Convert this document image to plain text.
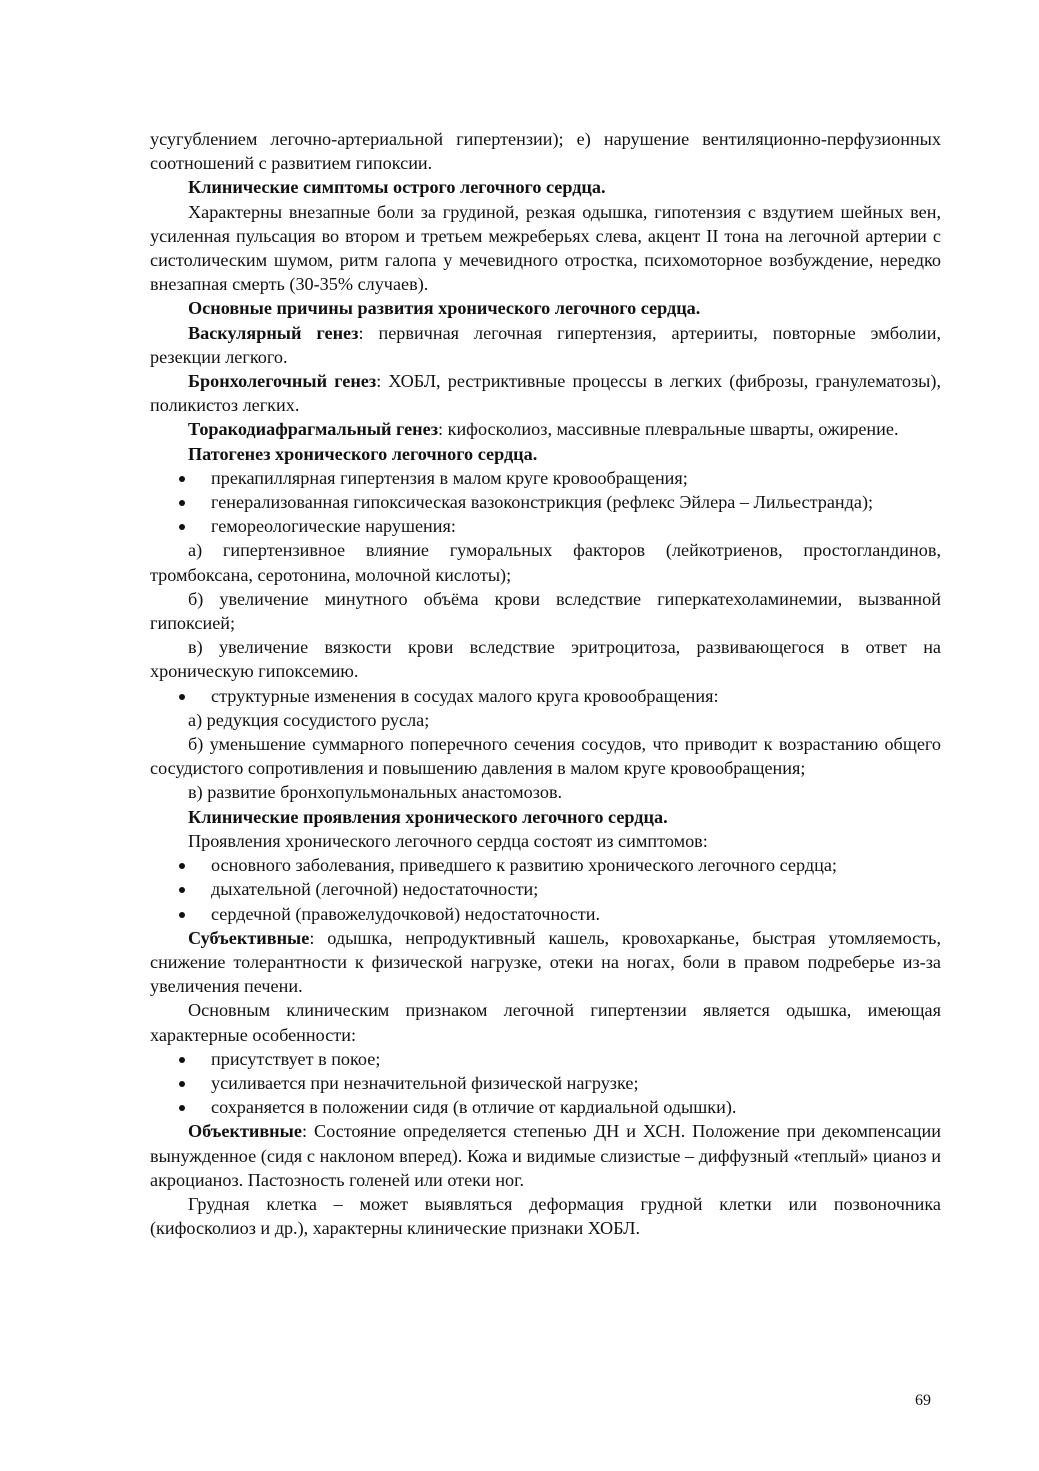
усугублением легочно-артериальной гипертензии); е) нарушение вентиляционно-перфузионных соотношений с развитием гипоксии.

Клинические симптомы острого легочного сердца.

Характерны внезапные боли за грудиной, резкая одышка, гипотензия с вздутием шейных вен, усиленная пульсация во втором и третьем межреберьях слева, акцент II тона на легочной артерии с систолическим шумом, ритм галопа у мечевидного отростка, психомоторное возбуждение, нередко внезапная смерть (30-35% случаев).

Основные причины развития хронического легочного сердца.

Васкулярный генез: первичная легочная гипертензия, артерииты, повторные эмболии, резекции легкого.

Бронхолегочный генез: ХОБЛ, рестриктивные процессы в легких (фиброзы, гранулематозы), поликистоз легких.

Торакодиафрагмальный генез: кифосколиоз, массивные плевральные шварты, ожирение.

Патогенез хронического легочного сердца.

прекапиллярная гипертензия в малом круге кровообращения;
генерализованная гипоксическая вазоконстрикция (рефлекс Эйлера – Лильестранда);
гемореологические нарушения:

а) гипертензивное влияние гуморальных факторов (лейкотриенов, простогландинов, тромбоксана, серотонина, молочной кислоты);

б) увеличение минутного объёма крови вследствие гиперкатехоламинемии, вызванной гипоксией;

в) увеличение вязкости крови вследствие эритроцитоза, развивающегося в ответ на хроническую гипоксемию.

структурные изменения в сосудах малого круга кровообращения:

а) редукция сосудистого русла;

б) уменьшение суммарного поперечного сечения сосудов, что приводит к возрастанию общего сосудистого сопротивления и повышению давления в малом круге кровообращения;

в) развитие бронхопульмональных анастомозов.

Клинические проявления хронического легочного сердца.

Проявления хронического легочного сердца состоят из симптомов:

основного заболевания, приведшего к развитию хронического легочного сердца;
дыхательной (легочной) недостаточности;
сердечной (правожелудочковой) недостаточности.

Субъективные: одышка, непродуктивный кашель, кровохарканье, быстрая утомляемость, снижение толерантности к физической нагрузке, отеки на ногах, боли в правом подреберье из-за увеличения печени.

Основным клиническим признаком легочной гипертензии является одышка, имеющая характерные особенности:

присутствует в покое;
усиливается при незначительной физической нагрузке;
сохраняется в положении сидя (в отличие от кардиальной одышки).

Объективные: Состояние определяется степенью ДН и ХСН. Положение при декомпенсации вынужденное (сидя с наклоном вперед). Кожа и видимые слизистые – диффузный «теплый» цианоз и акроцианоз. Пастозность голеней или отеки ног.

Грудная клетка – может выявляться деформация грудной клетки или позвоночника (кифосколиоз и др.), характерны клинические признаки ХОБЛ.

69
